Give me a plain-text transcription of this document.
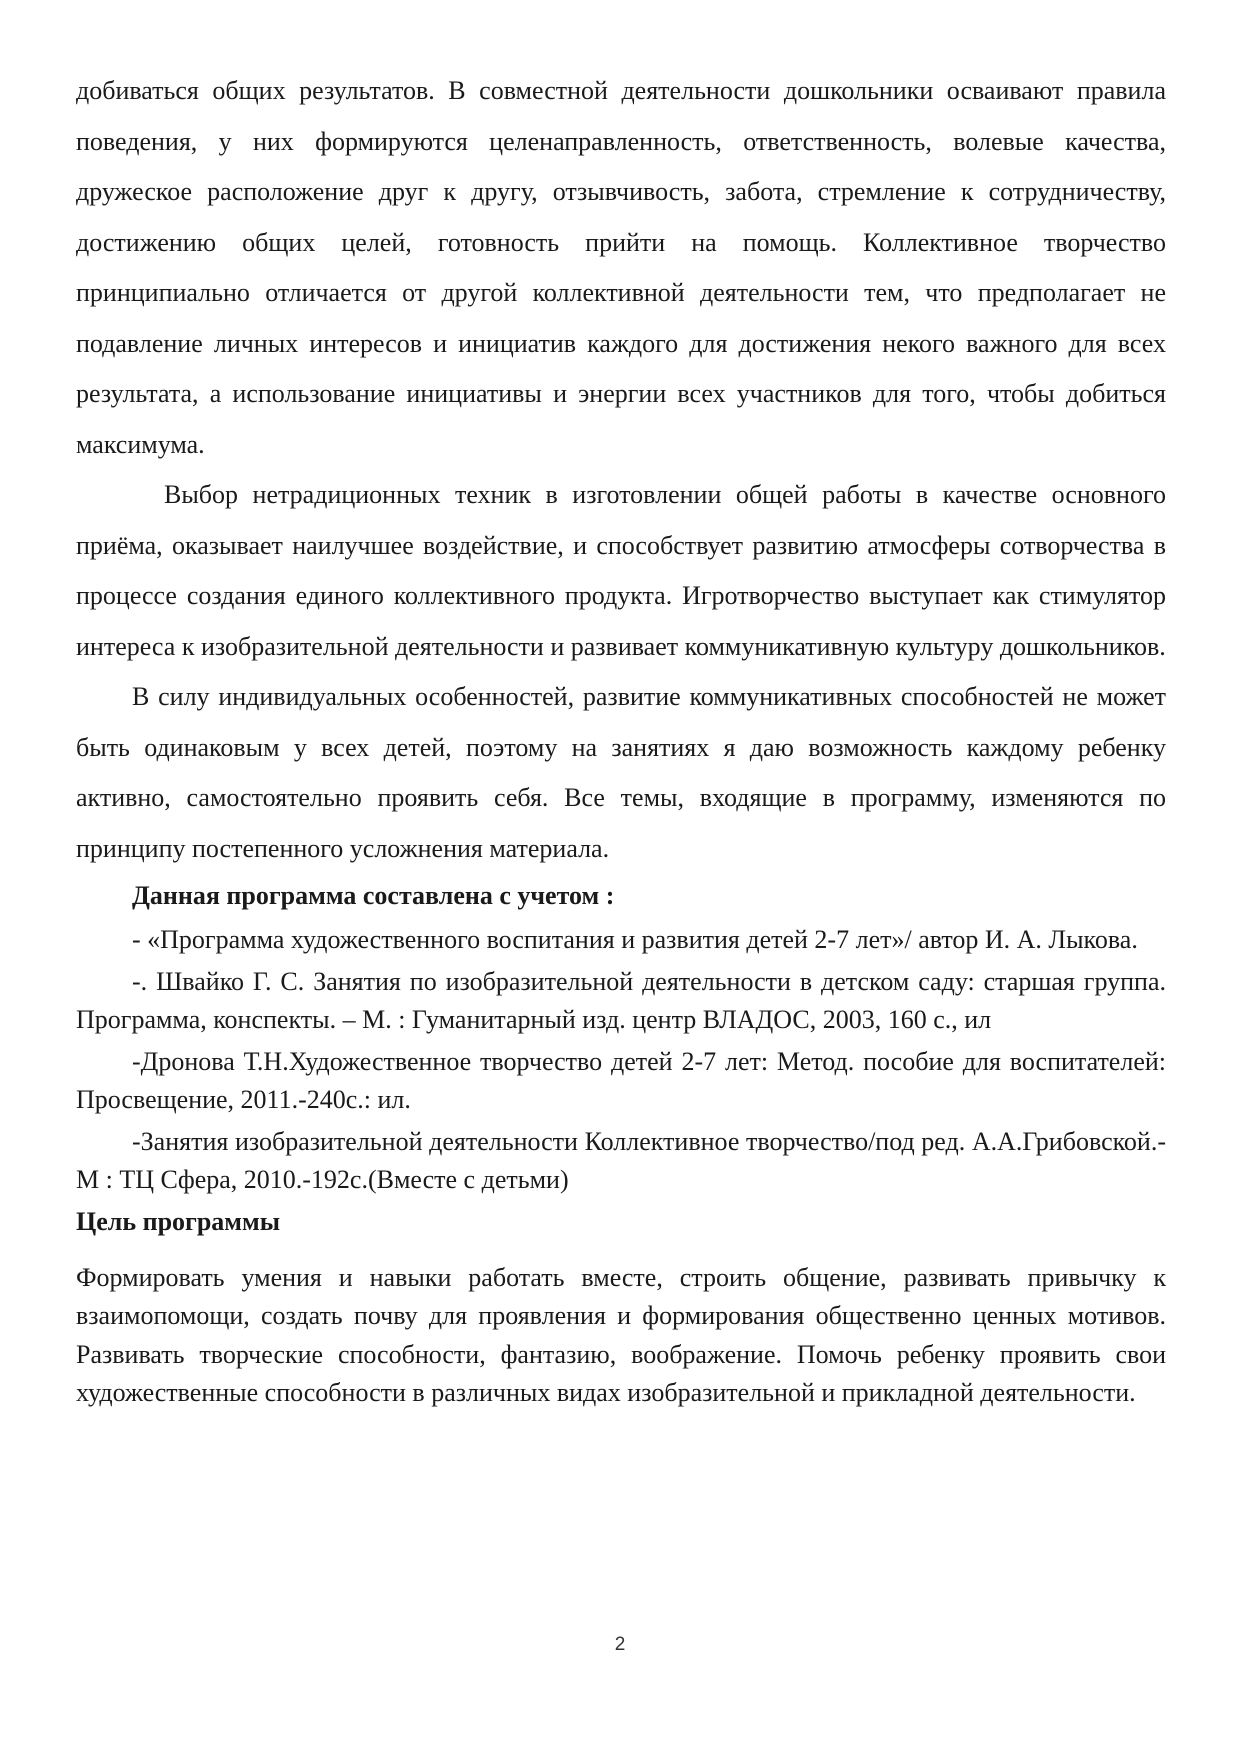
добиваться общих результатов. В совместной деятельности дошкольники осваивают правила поведения, у них формируются целенаправленность, ответственность, волевые качества, дружеское расположение друг к другу, отзывчивость, забота, стремление к сотрудничеству, достижению общих целей, готовность прийти на помощь. Коллективное творчество принципиально отличается от другой коллективной деятельности тем, что предполагает не подавление личных интересов и инициатив каждого для достижения некого важного для всех результата, а использование инициативы и энергии всех участников для того, чтобы добиться максимума.

Выбор нетрадиционных техник в изготовлении общей работы в качестве основного приёма, оказывает наилучшее воздействие, и способствует развитию атмосферы сотворчества в процессе создания единого коллективного продукта. Игротворчество выступает как стимулятор интереса к изобразительной деятельности и развивает коммуникативную культуру дошкольников.

В силу индивидуальных особенностей, развитие коммуникативных способностей не может быть одинаковым у всех детей, поэтому на занятиях я даю возможность каждому ребенку активно, самостоятельно проявить себя. Все темы, входящие в программу, изменяются по принципу постепенного усложнения материала.

Данная программа составлена с учетом :

- «Программа художественного воспитания и развития детей 2-7 лет»/ автор И. А. Лыкова.

-. Швайко Г. С. Занятия по изобразительной деятельности в детском саду: старшая группа. Программа, конспекты. – М. : Гуманитарный изд. центр ВЛАДОС, 2003, 160 с., ил

-Дронова Т.Н.Художественное творчество детей 2-7 лет: Метод. пособие для воспитателей: Просвещение, 2011.-240с.: ил.

-Занятия изобразительной деятельности Коллективное творчество/под ред. А.А.Грибовской.-М : ТЦ Сфера, 2010.-192с.(Вместе с детьми)

Цель программы

Формировать умения и навыки работать вместе, строить общение, развивать привычку к взаимопомощи, создать почву для проявления и формирования общественно ценных мотивов. Развивать творческие способности, фантазию, воображение. Помочь ребенку проявить свои художественные способности в различных видах изобразительной и прикладной деятельности.

2
